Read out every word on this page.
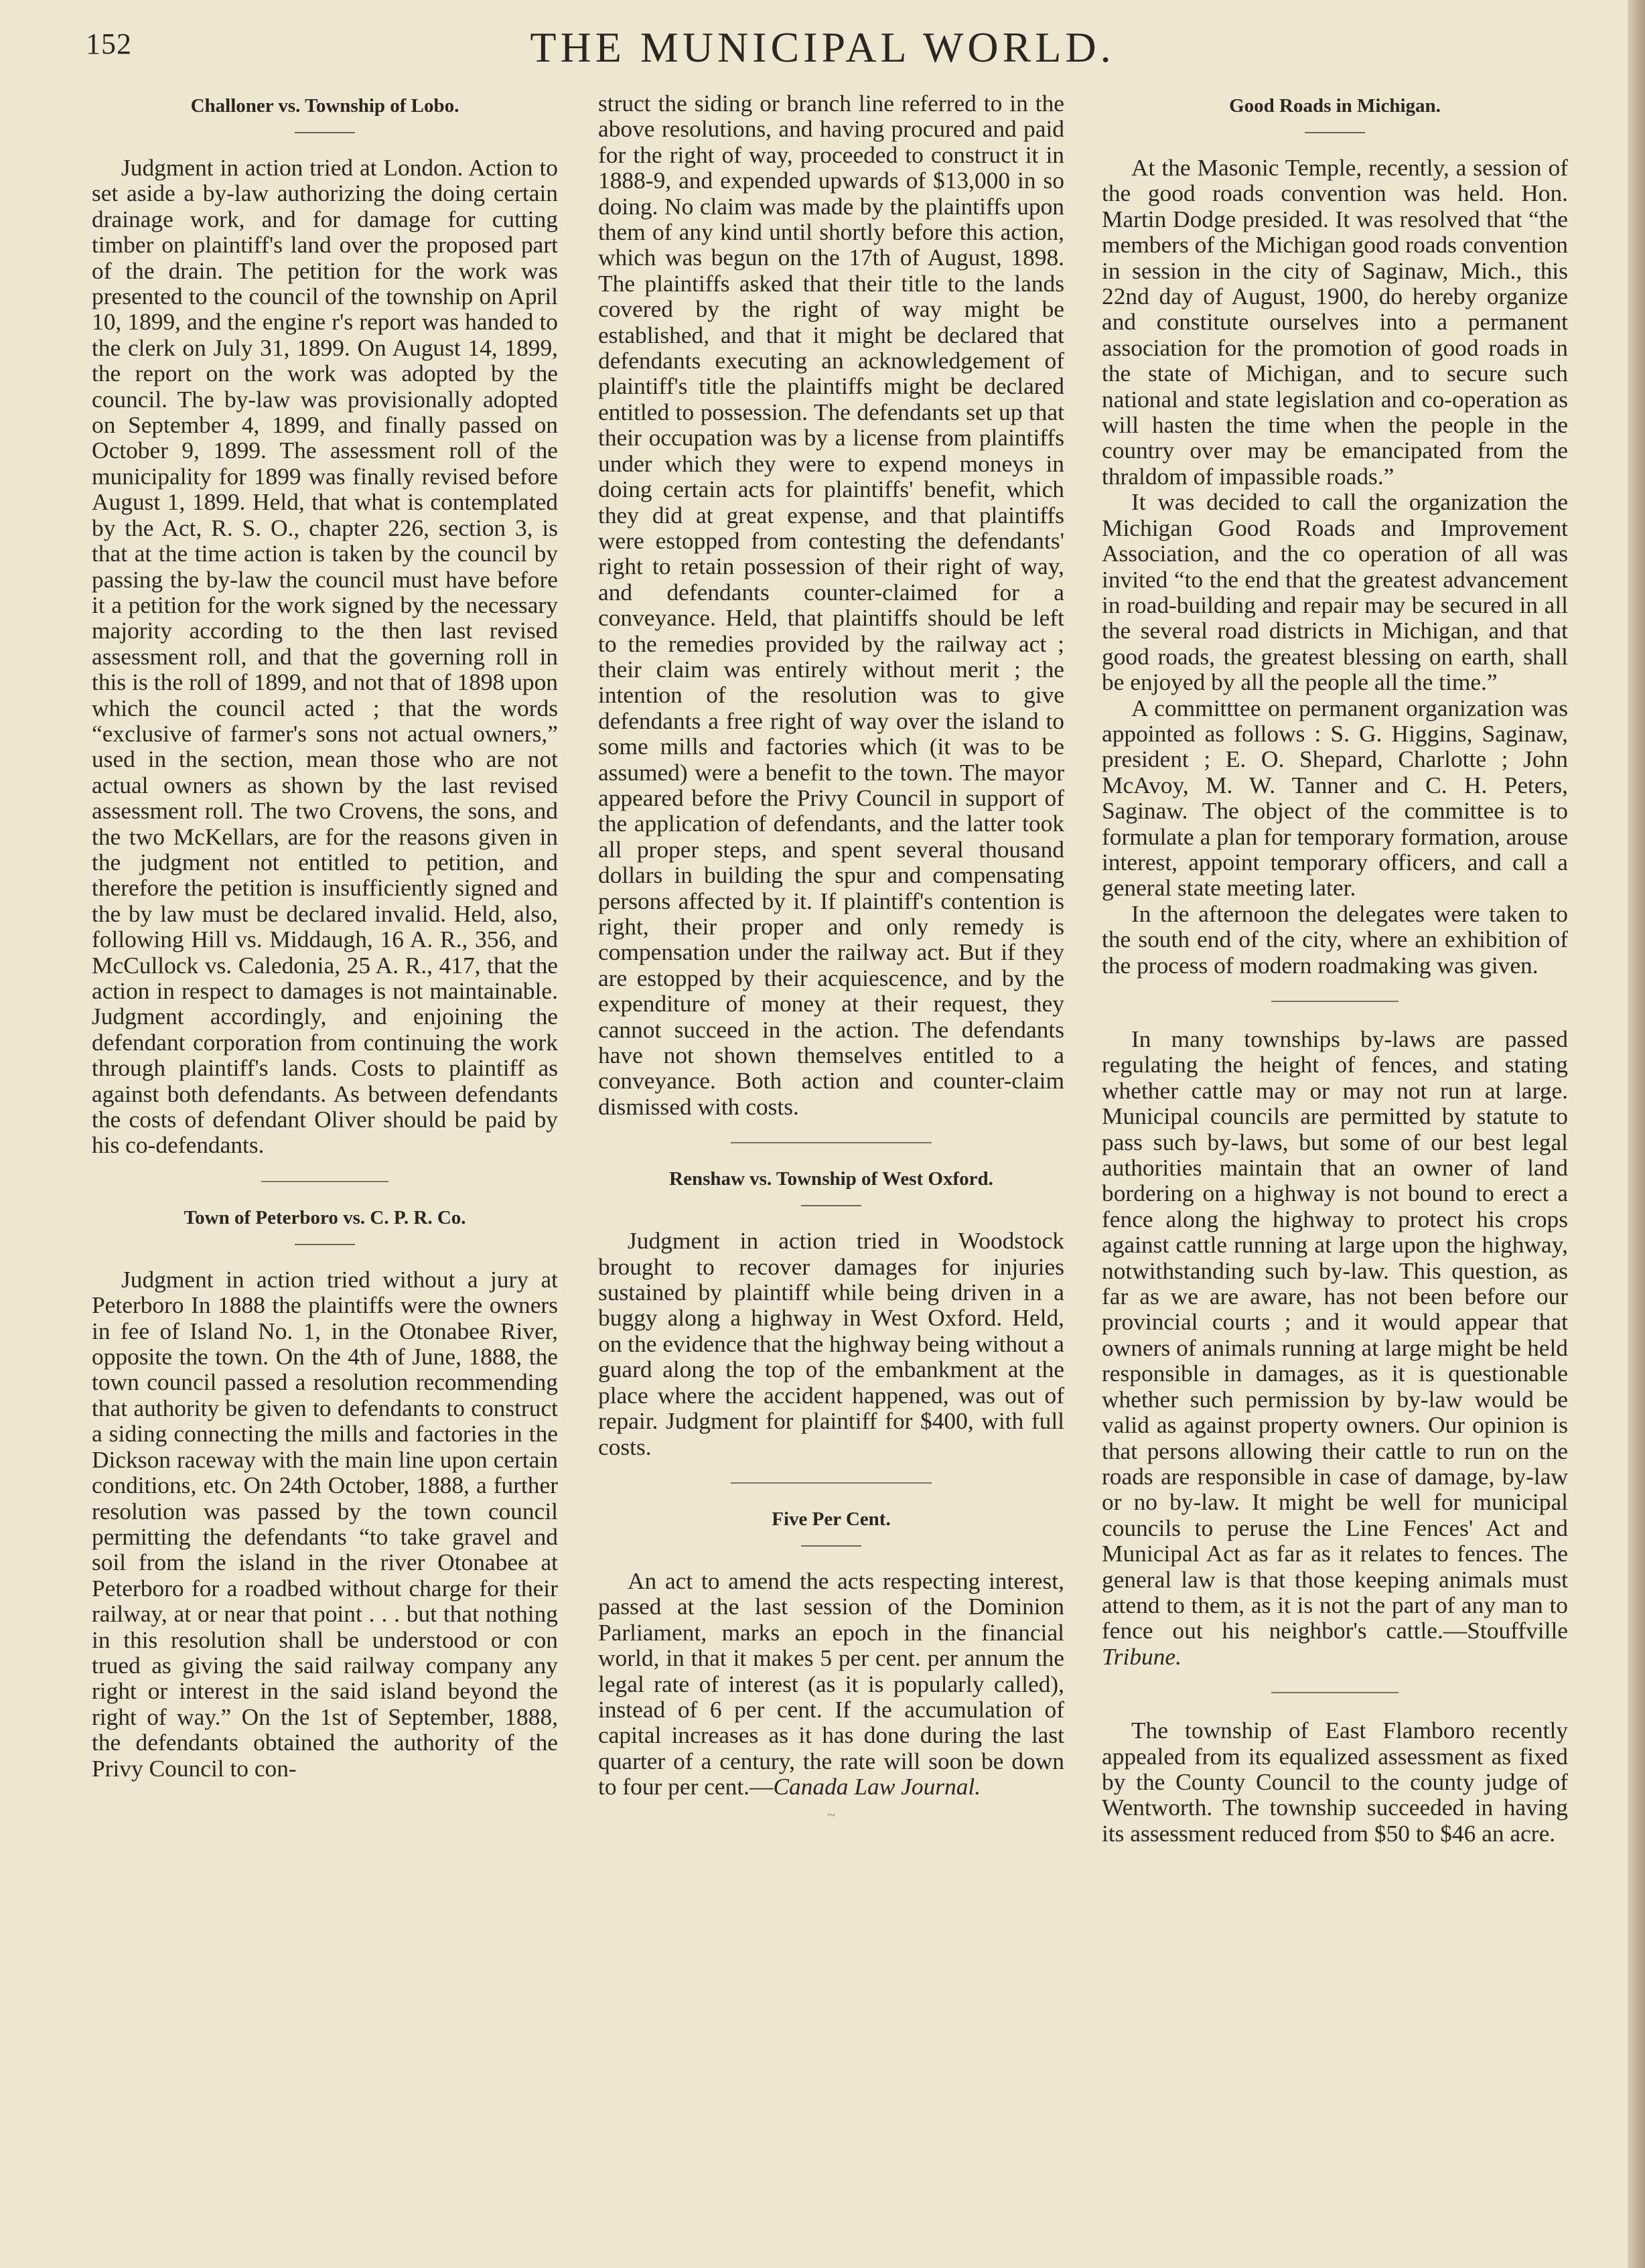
152	THE MUNICIPAL WORLD.
Challoner vs. Township of Lobo.

Judgment in action tried at London. Action to set aside a by-law authorizing the doing certain drainage work, and for damage for cutting timber on plaintiff's land over the proposed part of the drain. The petition for the work was presented to the council of the township on April 10, 1899, and the engine r's report was handed to the clerk on July 31, 1899. On August 14, 1899, the report on the work was adopted by the council. The by-law was provisionally adopted on September 4, 1899, and finally passed on October 9, 1899. The assessment roll of the municipality for 1899 was finally revised before August 1, 1899. Held, that what is contemplated by the Act, R. S. O., chapter 226, section 3, is that at the time action is taken by the council by passing the by-law the council must have before it a petition for the work signed by the necessary majority according to the then last revised assessment roll, and that the governing roll in this is the roll of 1899, and not that of 1898 upon which the council acted ; that the words “exclusive of farmer's sons not actual owners,” used in the section, mean those who are not actual owners as shown by the last revised assessment roll. The two Crovens, the sons, and the two McKellars, are for the reasons given in the judgment not entitled to petition, and therefore the petition is insufficiently signed and the by law must be declared invalid. Held, also, following Hill vs. Middaugh, 16 A. R., 356, and McCullock vs. Caledonia, 25 A. R., 417, that the action in respect to damages is not maintainable. Judgment accordingly, and enjoining the defendant corporation from continuing the work through plaintiff's lands. Costs to plaintiff as against both defendants. As between defendants the costs of defendant Oliver should be paid by his co-defendants.

Town of Peterboro vs. C. P. R. Co.

Judgment in action tried without a jury at Peterboro In 1888 the plaintiffs were the owners in fee of Island No. 1, in the Otonabee River, opposite the town. On the 4th of June, 1888, the town council passed a resolution recommending that authority be given to defendants to construct a siding connecting the mills and factories in the Dickson raceway with the main line upon certain conditions, etc. On 24th October, 1888, a further resolution was passed by the town council permitting the defendants “to take gravel and soil from the island in the river Otonabee at Peterboro for a roadbed without charge for their railway, at or near that point . . . but that nothing in this resolution shall be understood or con trued as giving the said railway company any right or interest in the said island beyond the right of way.” On the 1st of September, 1888, the defendants obtained the authority of the Privy Council to con-

struct the siding or branch line referred to in the above resolutions, and having procured and paid for the right of way, proceeded to construct it in 1888-9, and expended upwards of $13,000 in so doing. No claim was made by the plaintiffs upon them of any kind until shortly before this action, which was begun on the 17th of August, 1898. The plaintiffs asked that their title to the lands covered by the right of way might be established, and that it might be declared that defendants executing an acknowledgement of plaintiff's title the plaintiffs might be declared entitled to possession. The defendants set up that their occupation was by a license from plaintiffs under which they were to expend moneys in doing certain acts for plaintiffs' benefit, which they did at great expense, and that plaintiffs were estopped from contesting the defendants' right to retain possession of their right of way, and defendants counter-claimed for a conveyance. Held, that plaintiffs should be left to the remedies provided by the railway act ; their claim was entirely without merit ; the intention of the resolution was to give defendants a free right of way over the island to some mills and factories which (it was to be assumed) were a benefit to the town. The mayor appeared before the Privy Council in support of the application of defendants, and the latter took all proper steps, and spent several thousand dollars in building the spur and compensating persons affected by it. If plaintiff's contention is right, their proper and only remedy is compensation under the railway act. But if they are estopped by their acquiescence, and by the expenditure of money at their request, they cannot succeed in the action. The defendants have not shown themselves entitled to a conveyance. Both action and counter-claim dismissed with costs.

Renshaw vs. Township of West Oxford.

Judgment in action tried in Woodstock brought to recover damages for injuries sustained by plaintiff while being driven in a buggy along a highway in West Oxford. Held, on the evidence that the highway being without a guard along the top of the embankment at the place where the accident happened, was out of repair. Judgment for plaintiff for $400, with full costs.

Five Per Cent.

An act to amend the acts respecting interest, passed at the last session of the Dominion Parliament, marks an epoch in the financial world, in that it makes 5 per cent. per annum the legal rate of interest (as it is popularly called), instead of 6 per cent. If the accumulation of capital increases as it has done during the last quarter of a century, the rate will soon be down to four per cent.—Canada Law Journal.

~
Good Roads in Michigan.

At the Masonic Temple, recently, a session of the good roads convention was held. Hon. Martin Dodge presided. It was resolved that “the members of the Michigan good roads convention in session in the city of Saginaw, Mich., this 22nd day of August, 1900, do hereby organize and constitute ourselves into a permanent association for the promotion of good roads in the state of Michigan, and to secure such national and state legislation and co-operation as will hasten the time when the people in the country over may be emancipated from the thraldom of impassible roads.”

It was decided to call the organization the Michigan Good Roads and Improvement Association, and the co operation of all was invited “to the end that the greatest advancement in road-building and repair may be secured in all the several road districts in Michigan, and that good roads, the greatest blessing on earth, shall be enjoyed by all the people all the time.”

A committtee on permanent organization was appointed as follows : S. G. Higgins, Saginaw, president ; E. O. Shepard, Charlotte ; John McAvoy, M. W. Tanner and C. H. Peters, Saginaw. The object of the committee is to formulate a plan for temporary formation, arouse interest, appoint temporary officers, and call a general state meeting later.

In the afternoon the delegates were taken to the south end of the city, where an exhibition of the process of modern roadmaking was given.

In many townships by-laws are passed regulating the height of fences, and stating whether cattle may or may not run at large. Municipal councils are permitted by statute to pass such by-laws, but some of our best legal authorities maintain that an owner of land bordering on a highway is not bound to erect a fence along the highway to protect his crops against cattle running at large upon the highway, notwithstanding such by-law. This question, as far as we are aware, has not been before our provincial courts ; and it would appear that owners of animals running at large might be held responsible in damages, as it is questionable whether such permission by by-law would be valid as against property owners. Our opinion is that persons allowing their cattle to run on the roads are responsible in case of damage, by-law or no by-law. It might be well for municipal councils to peruse the Line Fences' Act and Municipal Act as far as it relates to fences. The general law is that those keeping animals must attend to them, as it is not the part of any man to fence out his neighbor's cattle.—Stouffville Tribune.

The township of East Flamboro recently appealed from its equalized assessment as fixed by the County Council to the county judge of Wentworth. The township succeeded in having its assessment reduced from $50 to $46 an acre.
